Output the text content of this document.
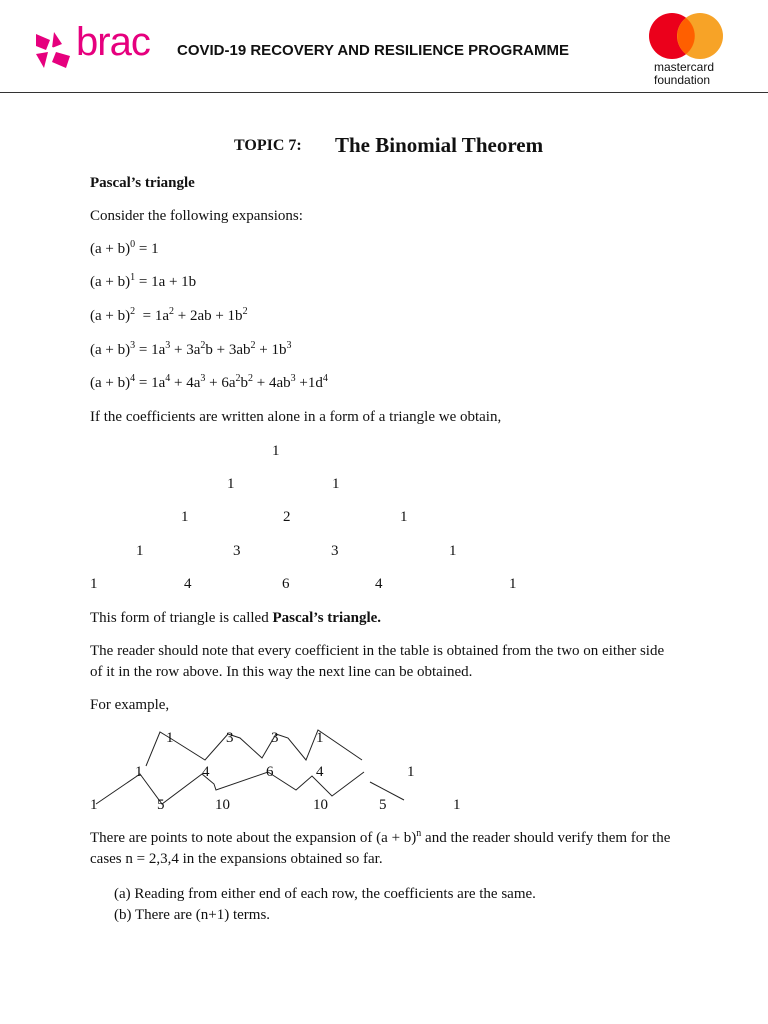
brac COVID-19 RECOVERY AND RESILIENCE PROGRAMME
mastercard
foundation
TOPIC 7: The Binomial Theorem
Pascal’s triangle
Consider the following expansions:
$(a + b)^0 = 1$
$(a + b)^1 = 1a + 1b$
$(a + b)^2 = 1a^2 + 2ab + 1b^2$
$(a + b)^3 = 1a^3 + 3a^2b + 3ab^2 + 1b^3$
$(a + b)^4 = 1a^4 + 4a^3 + 6a^2b^2 + 4ab^3 +1d^4$
If the coefficients are written alone in a form of a triangle we obtain,
1
1	1
1	2	1
1	3	3	1
1	4	6	4	1
This form of triangle is called Pascal’s triangle.
The reader should note that every coefficient in the table is obtained from the two on either side
of it in the row above. In this way the next line can be obtained.
For example,
1	3	3	1
1	4	6	4	1
1	5	10	10	5	1
There are points to note about the expansion of $(a + b)^n$ and the reader should verify them for the
cases n = 2,3,4 in the expansions obtained so far.
(a) Reading from either end of each row, the coefficients are the same.
(b) There are (n+1) terms.
